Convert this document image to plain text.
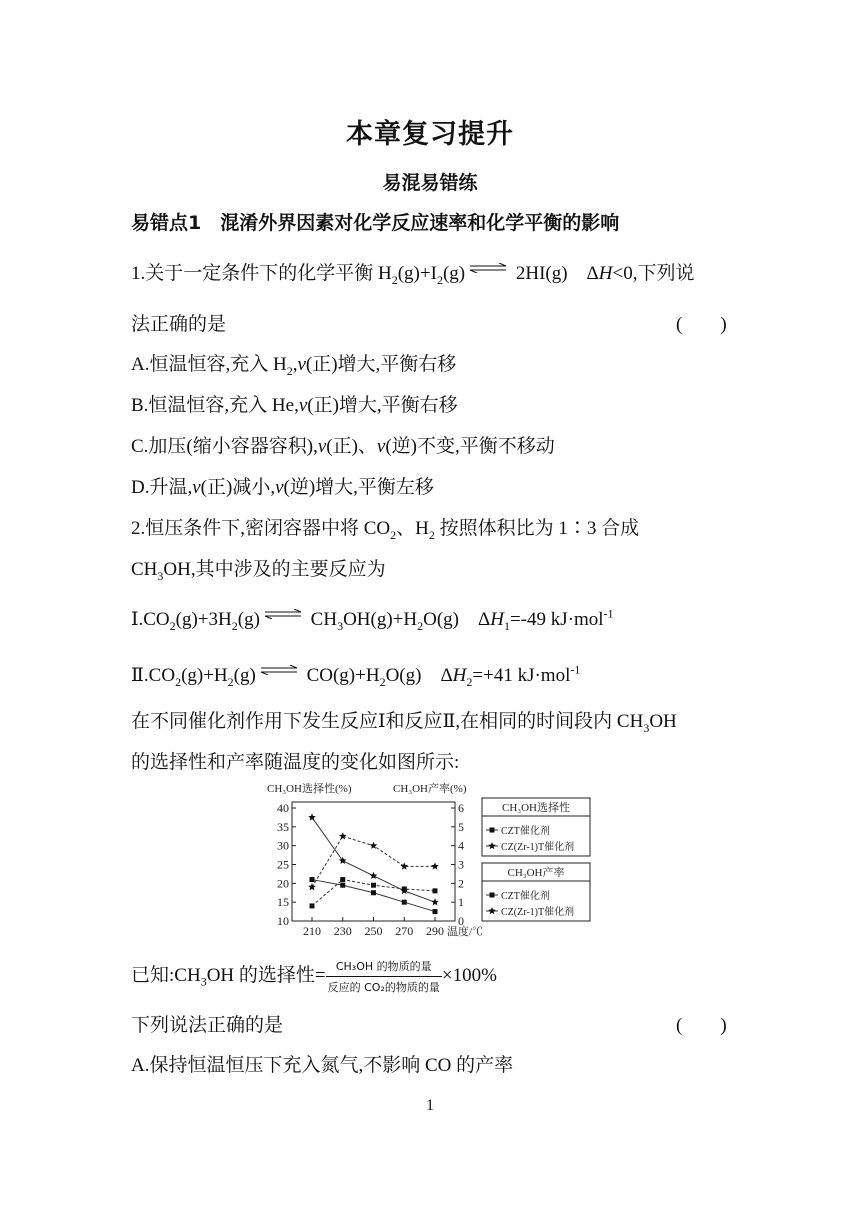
本章复习提升
易混易错练
易错点1　混淆外界因素对化学反应速率和化学平衡的影响
1.关于一定条件下的化学平衡 $H_2(g)+I_2(g)$ ⇌ 2HI(g)　ΔH<0,下列说
法正确的是	(　　)
A.恒温恒容,充入 $H_2,v$(正)增大,平衡右移
B.恒温恒容,充入 He,v(正)增大,平衡右移
C.加压(缩小容器容积),v(正)、v(逆)不变,平衡不移动
D.升温,v(正)减小,v(逆)增大,平衡左移
2.恒压条件下,密闭容器中将 $CO_2$、$H_2$ 按照体积比为 1∶3 合成
$CH_3OH$,其中涉及的主要反应为
$Ⅰ.CO_2(g)+3H_2(g)$ ⇌ $CH_3OH(g)+H_2O(g)$　$\Delta H_1=-49$ kJ·mol$^{-1}$
$Ⅱ.CO_2(g)+H_2(g)$ ⇌ $CO(g)+H_2O(g)$　$\Delta H_2=+41$ kJ·mol$^{-1}$
在不同催化剂作用下发生反应Ⅰ和反应Ⅱ,在相同的时间段内 $CH_3OH$
的选择性和产率随温度的变化如图所示:
CH₃OH选择性(%)	CH₃OH产率(%)
10
15
20
25
30
35
40
0
1
2
3
4
5
6
210 230 250 270 290 温度/℃
CH₃OH选择性
CZT催化剂
CZ(Zr-1)T催化剂
CH₃OH产率
CZT催化剂
CZ(Zr-1)T催化剂
已知$:CH_3OH$ 的选择性= $\frac{\text{CH₃OH 的物质的量}}{\text{反应的 CO₂的物质的量}} \times 100\%$
下列说法正确的是	(　　)
A.保持恒温恒压下充入氮气,不影响 CO 的产率
1
